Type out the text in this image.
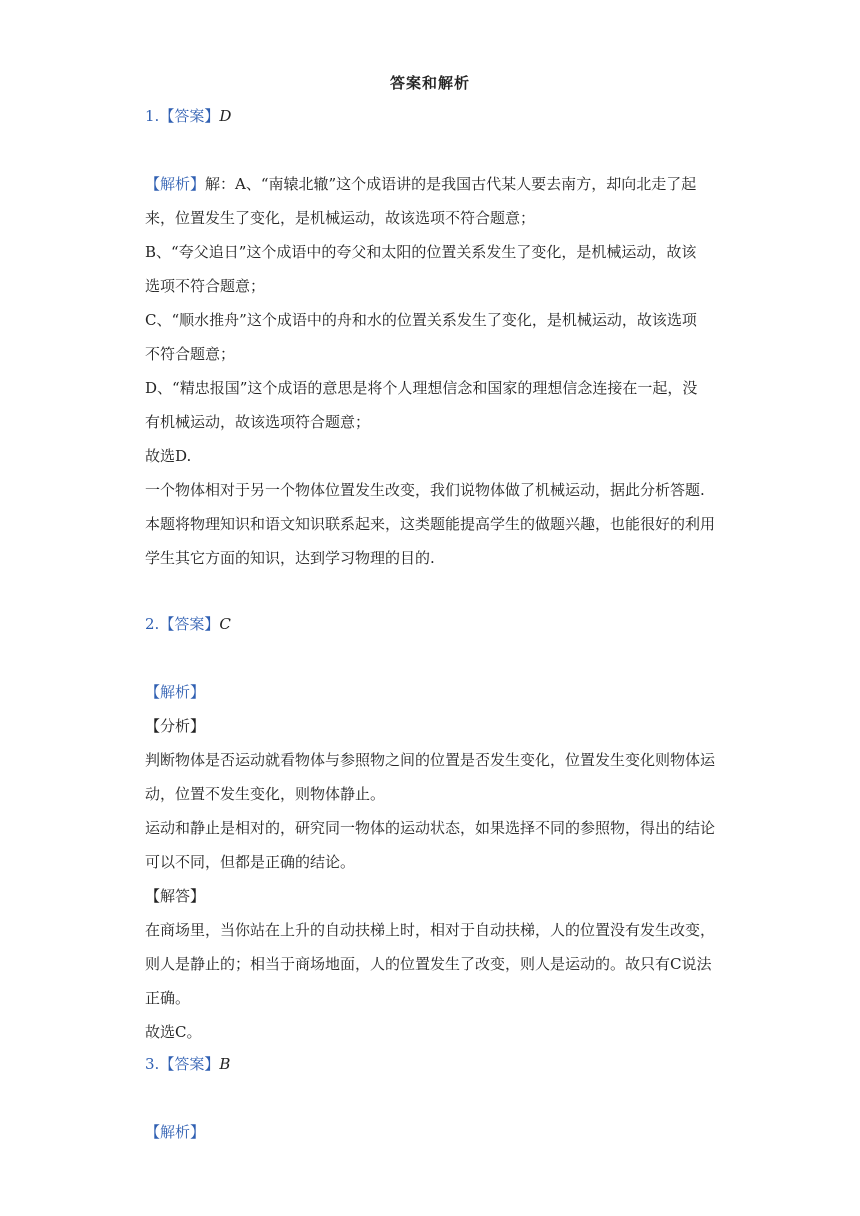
答案和解析
1.【答案】D
【解析】解：A、“南辕北辙”这个成语讲的是我国古代某人要去南方，却向北走了起
来，位置发生了变化，是机械运动，故该选项不符合题意；
B、“夸父追日”这个成语中的夸父和太阳的位置关系发生了变化，是机械运动，故该
选项不符合题意；
C、“顺水推舟”这个成语中的舟和水的位置关系发生了变化，是机械运动，故该选项
不符合题意；
D、“精忠报国”这个成语的意思是将个人理想信念和国家的理想信念连接在一起，没
有机械运动，故该选项符合题意；
故选D.
一个物体相对于另一个物体位置发生改变，我们说物体做了机械运动，据此分析答题.
本题将物理知识和语文知识联系起来，这类题能提高学生的做题兴趣，也能很好的利用
学生其它方面的知识，达到学习物理的目的.
2.【答案】C
【解析】
【分析】
判断物体是否运动就看物体与参照物之间的位置是否发生变化，位置发生变化则物体运
动，位置不发生变化，则物体静止。
运动和静止是相对的，研究同一物体的运动状态，如果选择不同的参照物，得出的结论
可以不同，但都是正确的结论。
【解答】
在商场里，当你站在上升的自动扶梯上时，相对于自动扶梯，人的位置没有发生改变，
则人是静止的；相当于商场地面，人的位置发生了改变，则人是运动的。故只有C说法
正确。
故选C。
3.【答案】B
【解析】
